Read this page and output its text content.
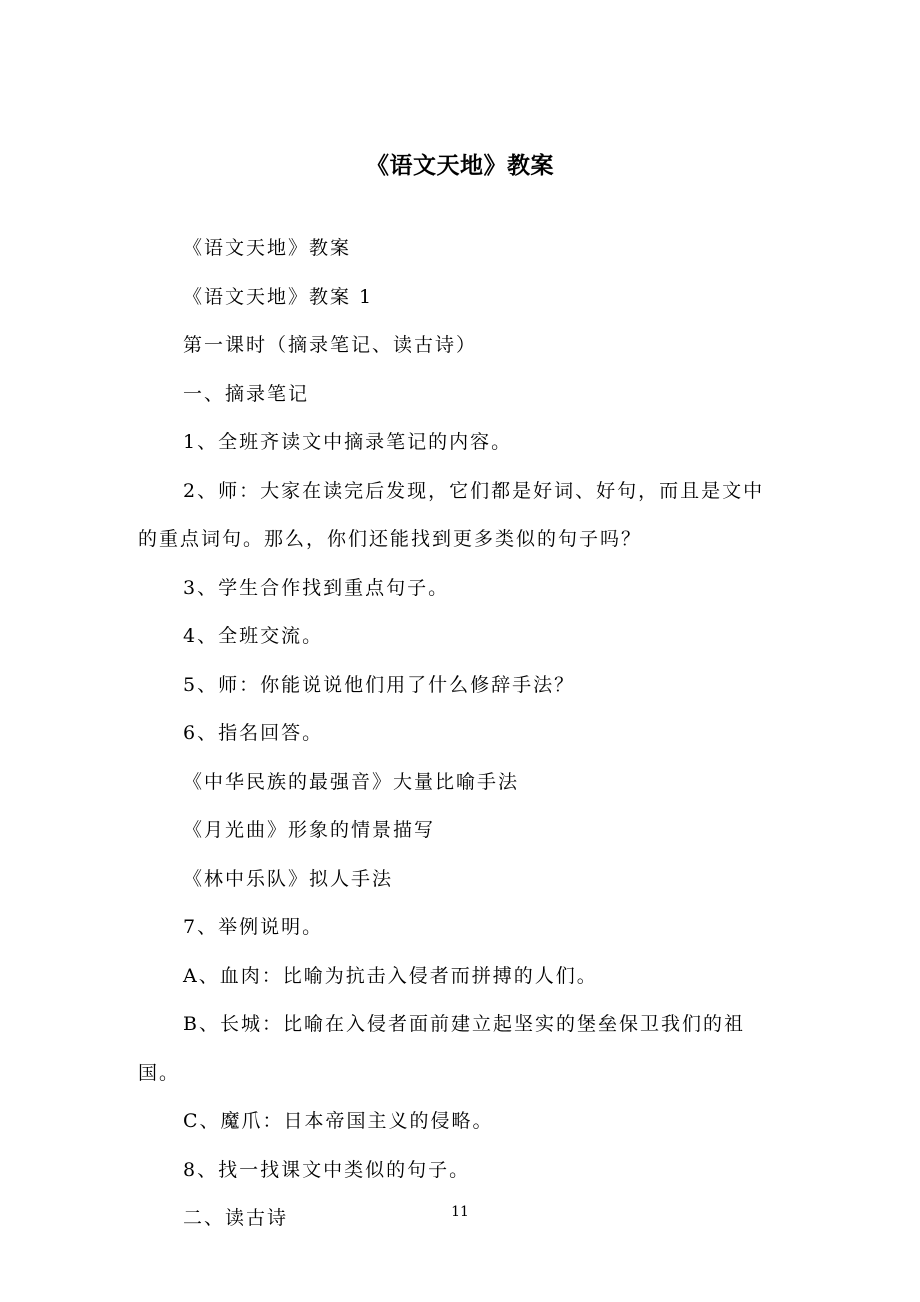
《语文天地》教案
《语文天地》教案
《语文天地》教案 1
第一课时（摘录笔记、读古诗）
一、摘录笔记
1、全班齐读文中摘录笔记的内容。
2、师：大家在读完后发现，它们都是好词、好句，而且是文中的重点词句。那么，你们还能找到更多类似的句子吗？
3、学生合作找到重点句子。
4、全班交流。
5、师：你能说说他们用了什么修辞手法？
6、指名回答。
《中华民族的最强音》大量比喻手法
《月光曲》形象的情景描写
《林中乐队》拟人手法
7、举例说明。
A、血肉：比喻为抗击入侵者而拼搏的人们。
B、长城：比喻在入侵者面前建立起坚实的堡垒保卫我们的祖国。
C、魔爪：日本帝国主义的侵略。
8、找一找课文中类似的句子。
二、读古诗	11
